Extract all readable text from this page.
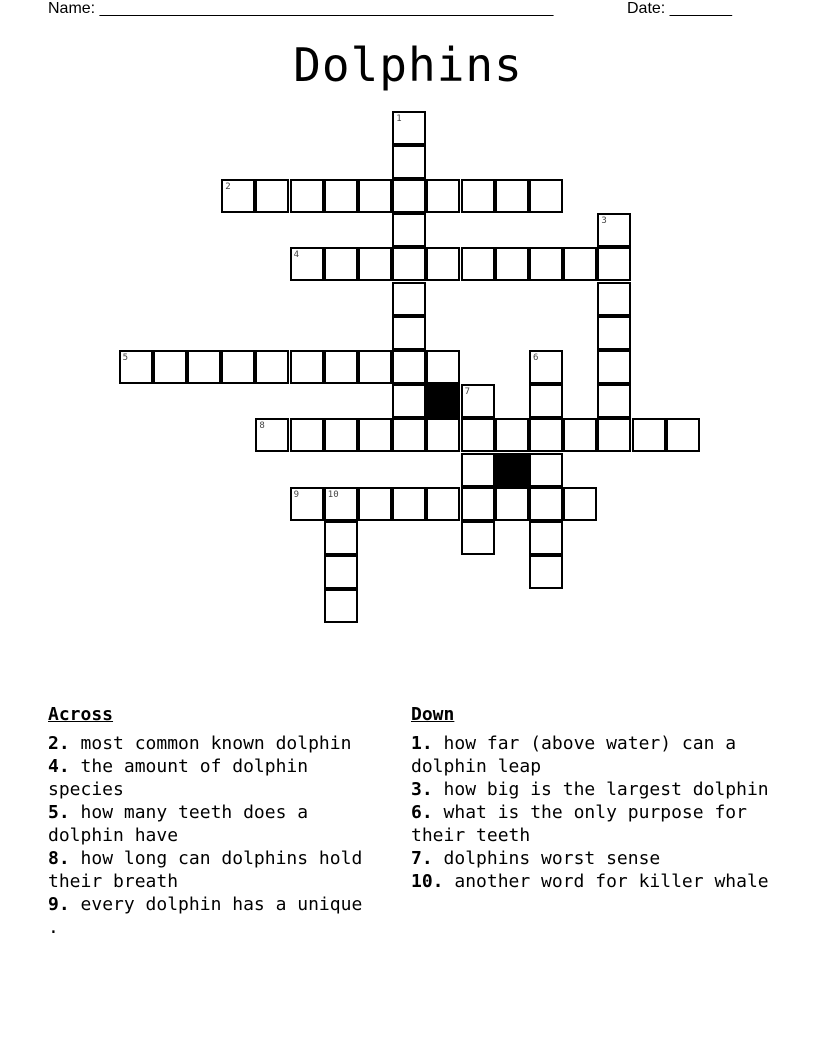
Name: ___________________________________________________	Date: _______
Dolphins
1
2
3
4
5	6
7
8
9	10
Across
2. most common known dolphin
4. the amount of dolphin species
5. how many teeth does a dolphin have
8. how long can dolphins hold their breath
9. every dolphin has a unique        .
Down
1. how far (above water) can a dolphin leap
3. how big is the largest dolphin
6. what is the only purpose for their teeth
7. dolphins worst sense
10. another word for killer whale
